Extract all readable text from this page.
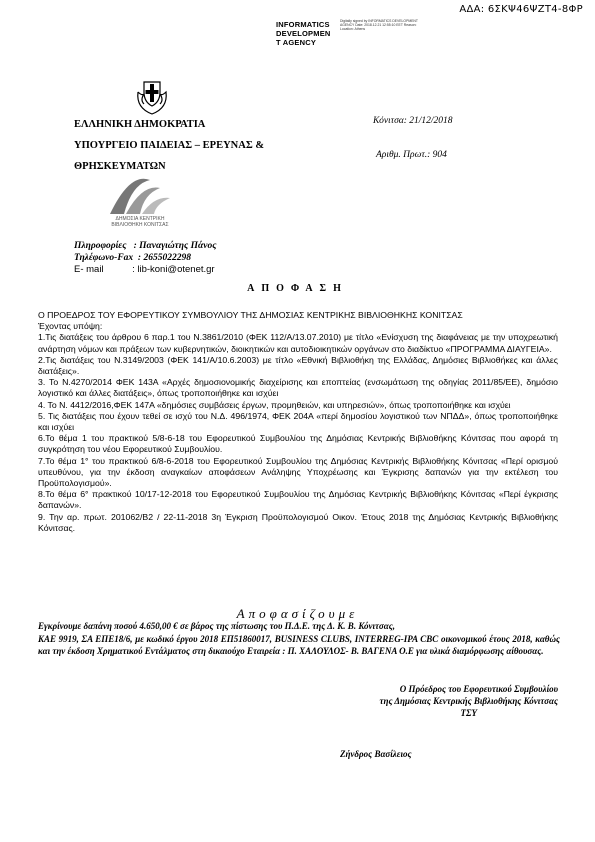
ΑΔΑ: 6ΣΚΨ46ΨΖΤ4-8ΦΡ
INFORMATICS
DEVELOPMEN
T AGENCY
Digitally signed by INFORMATICS DEVELOPMENT AGENCY Date: 2018.12.21 12:55:10 EET Reason: Location: Athens
ΕΛΛΗΝΙΚΗ ΔΗΜΟΚΡΑΤΙΑ
ΥΠΟΥΡΓΕΙΟ ΠΑΙΔΕΙΑΣ – ΕΡΕΥΝΑΣ &
ΘΡΗΣΚΕΥΜΑΤΩΝ
Κόνιτσα: 21/12/2018
Αριθμ. Πρωτ.: 904
ΔΗΜΟΣΙΑ ΚΕΝΤΡΙΚΗ
ΒΙΒΛΙΟΘΗΚΗ ΚΟΝΙΤΣΑΣ
Πληροφορίες : Παναγιώτης Πάνος
Τηλέφωνο-Fax : 2655022298
E- mail	: lib-koni@otenet.gr
ΑΠΟΦΑΣΗ

Ο ΠΡΟΕΔΡΟΣ ΤΟΥ ΕΦΟΡΕΥΤΙΚΟΥ ΣΥΜΒΟΥΛΙΟΥ ΤΗΣ ΔΗΜΟΣΙΑΣ ΚΕΝΤΡΙΚΗΣ ΒΙΒΛΙΟΘΗΚΗΣ ΚΟΝΙΤΣΑΣ

Έχοντας υπόψη:

1.Τις διατάξεις του άρθρου 6 παρ.1 του Ν.3861/2010 (ΦΕΚ 112/Α/13.07.2010) με τίτλο «Ενίσχυση της διαφάνειας με την υποχρεωτική ανάρτηση νόμων και πράξεων των κυβερνητικών, διοικητικών και αυτοδιοικητικών οργάνων στο διαδίκτυο «ΠΡΟΓΡΑΜΜΑ ΔΙΑΥΓΕΙΑ».

2.Τις διατάξεις του Ν.3149/2003 (ΦΕΚ 141/Α/10.6.2003) με τίτλο «Εθνική Βιβλιοθήκη της Ελλάδας, Δημόσιες Βιβλιοθήκες και άλλες διατάξεις».

3. Το Ν.4270/2014 ΦΕΚ 143Α «Αρχές δημοσιονομικής διαχείρισης και εποπτείας (ενσωμάτωση της οδηγίας 2011/85/ΕΕ), δημόσιο λογιστικό και άλλες διατάξεις», όπως τροποποιήθηκε και ισχύει

4. Το Ν. 4412/2016,ΦΕΚ 147Α «δημόσιες συμβάσεις έργων, προμηθειών, και υπηρεσιών», όπως τροποποιήθηκε και ισχύει

5. Τις διατάξεις που έχουν τεθεί σε ισχύ του Ν.Δ. 496/1974, ΦΕΚ 204Α «περί δημοσίου λογιστικού των ΝΠΔΔ», όπως τροποποιήθηκε και ισχύει

6.Το θέμα 1 του πρακτικού 5/8-6-18 του Εφορευτικού Συμβουλίου της Δημόσιας Κεντρικής Βιβλιοθήκης Κόνιτσας που αφορά τη συγκρότηση του νέου Εφορευτικού Συμβουλίου.

7.Το θέμα 1° του πρακτικού 6/8-6-2018 του Εφορευτικού Συμβουλίου της Δημόσιας Κεντρικής Βιβλιοθήκης Κόνιτσας «Περί ορισμού υπευθύνου, για την έκδοση αναγκαίων αποφάσεων Ανάληψης Υποχρέωσης και Έγκρισης δαπανών για την εκτέλεση του Προϋπολογισμού».

8.Το θέμα 6° πρακτικού 10/17-12-2018 του Εφορευτικού Συμβουλίου της Δημόσιας Κεντρικής Βιβλιοθήκης Κόνιτσας «Περί έγκρισης δαπανών».

9. Την αρ. πρωτ. 201062/Β2 / 22-11-2018 3η Έγκριση Προϋπολογισμού Οικον. Έτους 2018 της Δημόσιας Κεντρικής Βιβλιοθήκης Κόνιτσας.

Αποφασίζουμε

Εγκρίνουμε δαπάνη ποσού 4.650,00 € σε βάρος της πίστωσης του Π.Δ.Ε. της Δ. Κ. Β. Κόνιτσας,

ΚΑΕ 9919, ΣΑ ΕΠΕ18/6, με κωδικό έργου 2018 ΕΠ51860017, BUSINESS CLUBS, INTERREG-IPA CBC οικονομικού έτους 2018, καθώς και την έκδοση Χρηματικού Εντάλματος στη δικαιούχο Εταιρεία : Π. ΧΑΛΟΥΛΟΣ- Β. ΒΑΓΕΝΑ Ο.Ε για υλικά διαμόρφωσης αίθουσας.

Ο Πρόεδρος του Εφορευτικού Συμβουλίου
της Δημόσιας Κεντρικής Βιβλιοθήκης Κόνιτσας
ΤΣΥ
Ζήνδρος Βασίλειος
